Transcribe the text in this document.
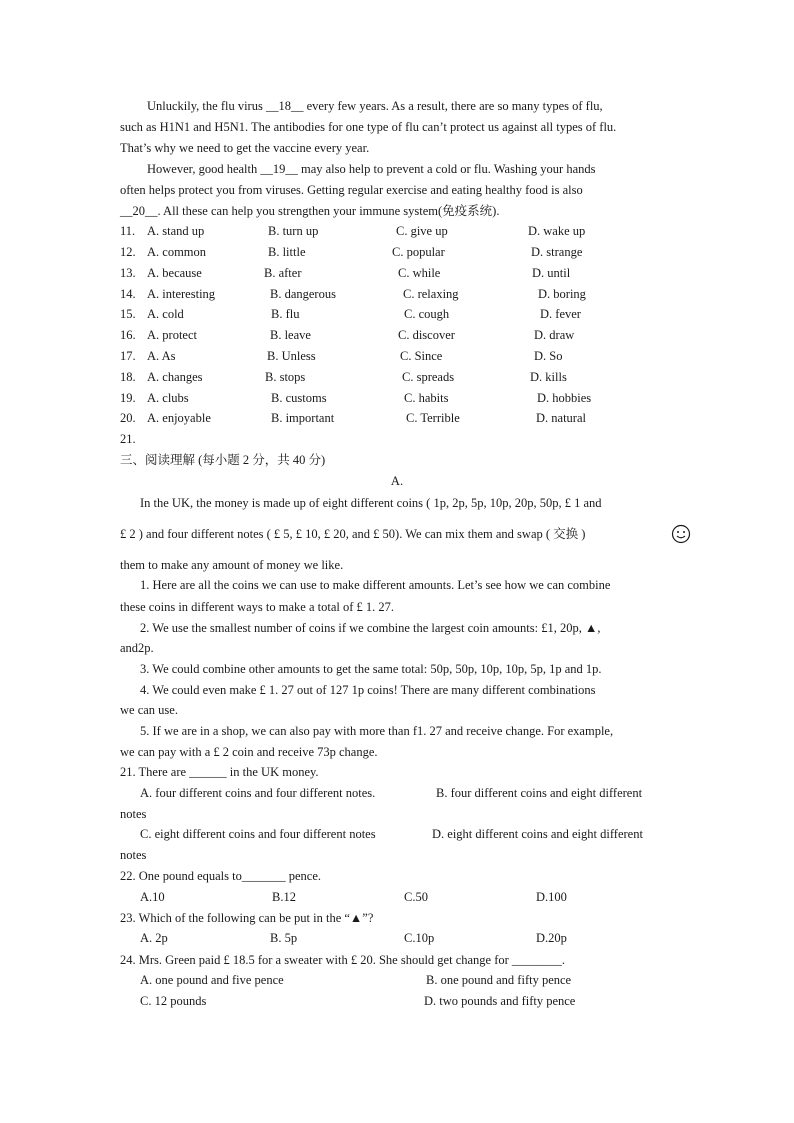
Unluckily, the flu virus __18__ every few years. As a result, there are so many types of flu,
such as H1N1 and H5N1. The antibodies for one type of flu can’t protect us against all types of flu.
That’s why we need to get the vaccine every year.
However, good health __19__ may also help to prevent a cold or flu. Washing your hands
often helps protect you from viruses. Getting regular exercise and eating healthy food is also
__20__. All these can help you strengthen your immune system(免疫系统).
11. A. stand up	B. turn up	C. give up	D. wake up
12. A. common	B. little	C. popular	D. strange
13. A. because	B. after	C. while	D. until
14. A. interesting	B. dangerous	C. relaxing	D. boring
15. A. cold	B. flu	C. cough	D. fever
16. A. protect	B. leave	C. discover	D. draw
17. A. As	B. Unless	C. Since	D. So
18. A. changes	B. stops	C. spreads	D. kills
19. A. clubs	B. customs	C. habits	D. hobbies
20. A. enjoyable	B. important	C. Terrible	D. natural
21.
三、阅读理解 (每小题 2 分，共 40 分)
A.
In the UK, the money is made up of eight different coins ( 1p, 2p, 5p, 10p, 20p, 50p, £ 1 and
£ 2 ) and four different notes ( £ 5, £ 10, £ 20, and £ 50). We can mix them and swap ( 交换 )
them to make any amount of money we like.
1. Here are all the coins we can use to make different amounts. Let’s see how we can combine
these coins in different ways to make a total of £ 1. 27.
2. We use the smallest number of coins if we combine the largest coin amounts: £1, 20p, ▲,
and2p.
3. We could combine other amounts to get the same total: 50p, 50p, 10p, 10p, 5p, 1p and 1p.
4. We could even make £ 1. 27 out of 127 1p coins! There are many different combinations
we can use.
5. If we are in a shop, we can also pay with more than f1. 27 and receive change. For example,
we can pay with a £ 2 coin and receive 73p change.
21. There are ______ in the UK money.
A. four different coins and four different notes.	B. four different coins and eight different
notes
C. eight different coins and four different notes	D. eight different coins and eight different
notes
22. One pound equals to_______ pence.
A.10	B.12	C.50	D.100
23. Which of the following can be put in the “▲”?
A. 2p	B. 5p	C.10p	D.20p
24. Mrs. Green paid £ 18.5 for a sweater with £ 20. She should get change for ________.
A. one pound and five pence	B. one pound and fifty pence
C. 12 pounds	D. two pounds and fifty pence
